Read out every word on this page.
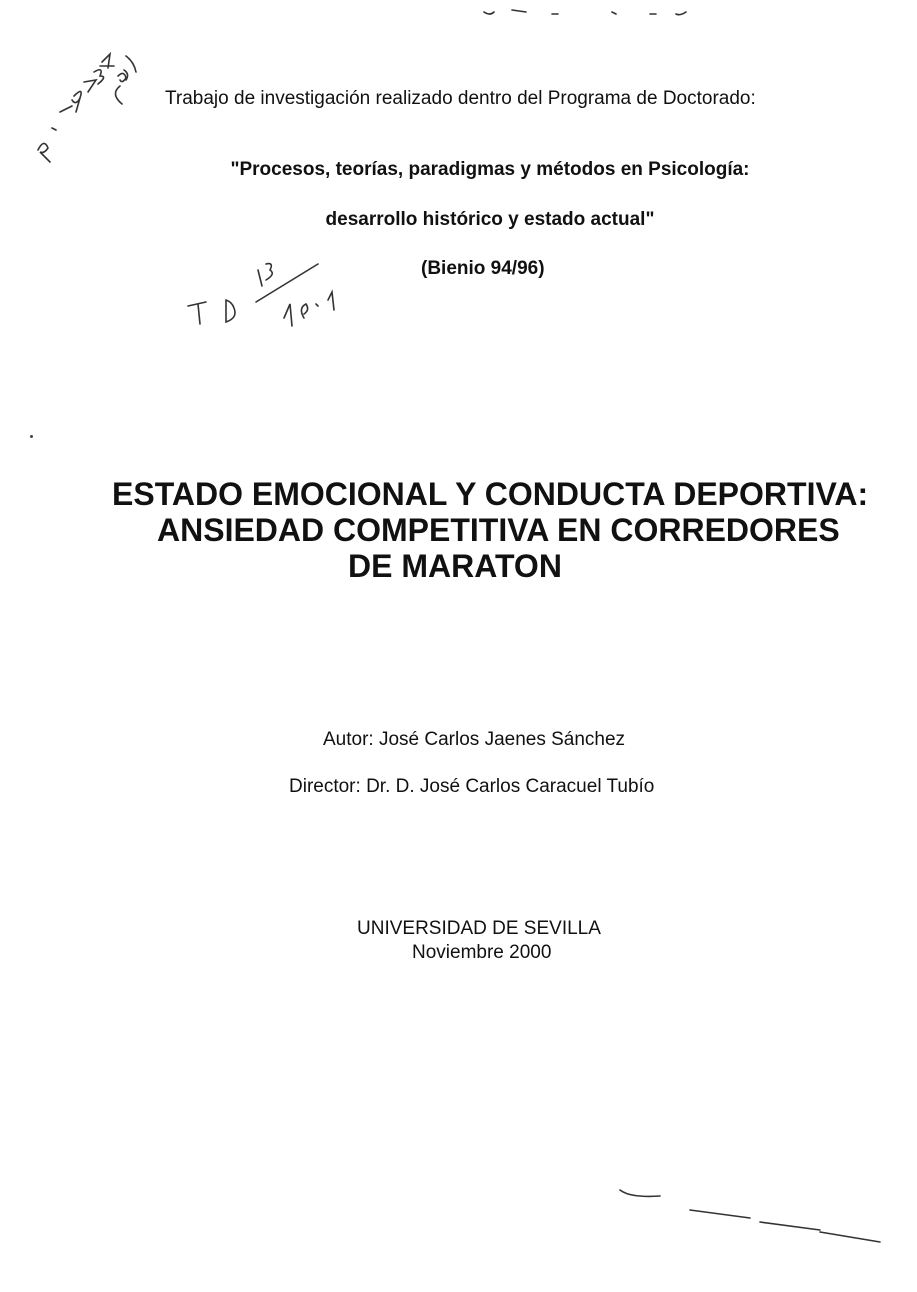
Trabajo de investigación realizado dentro del Programa de Doctorado:
"Procesos, teorías, paradigmas y métodos en Psicología:
desarrollo histórico y estado actual"
(Bienio 94/96)
ESTADO EMOCIONAL Y CONDUCTA DEPORTIVA:
ANSIEDAD COMPETITIVA EN CORREDORES
DE MARATON
Autor: José Carlos Jaenes Sánchez
Director: Dr. D. José Carlos Caracuel Tubío
UNIVERSIDAD DE SEVILLA
Noviembre 2000
